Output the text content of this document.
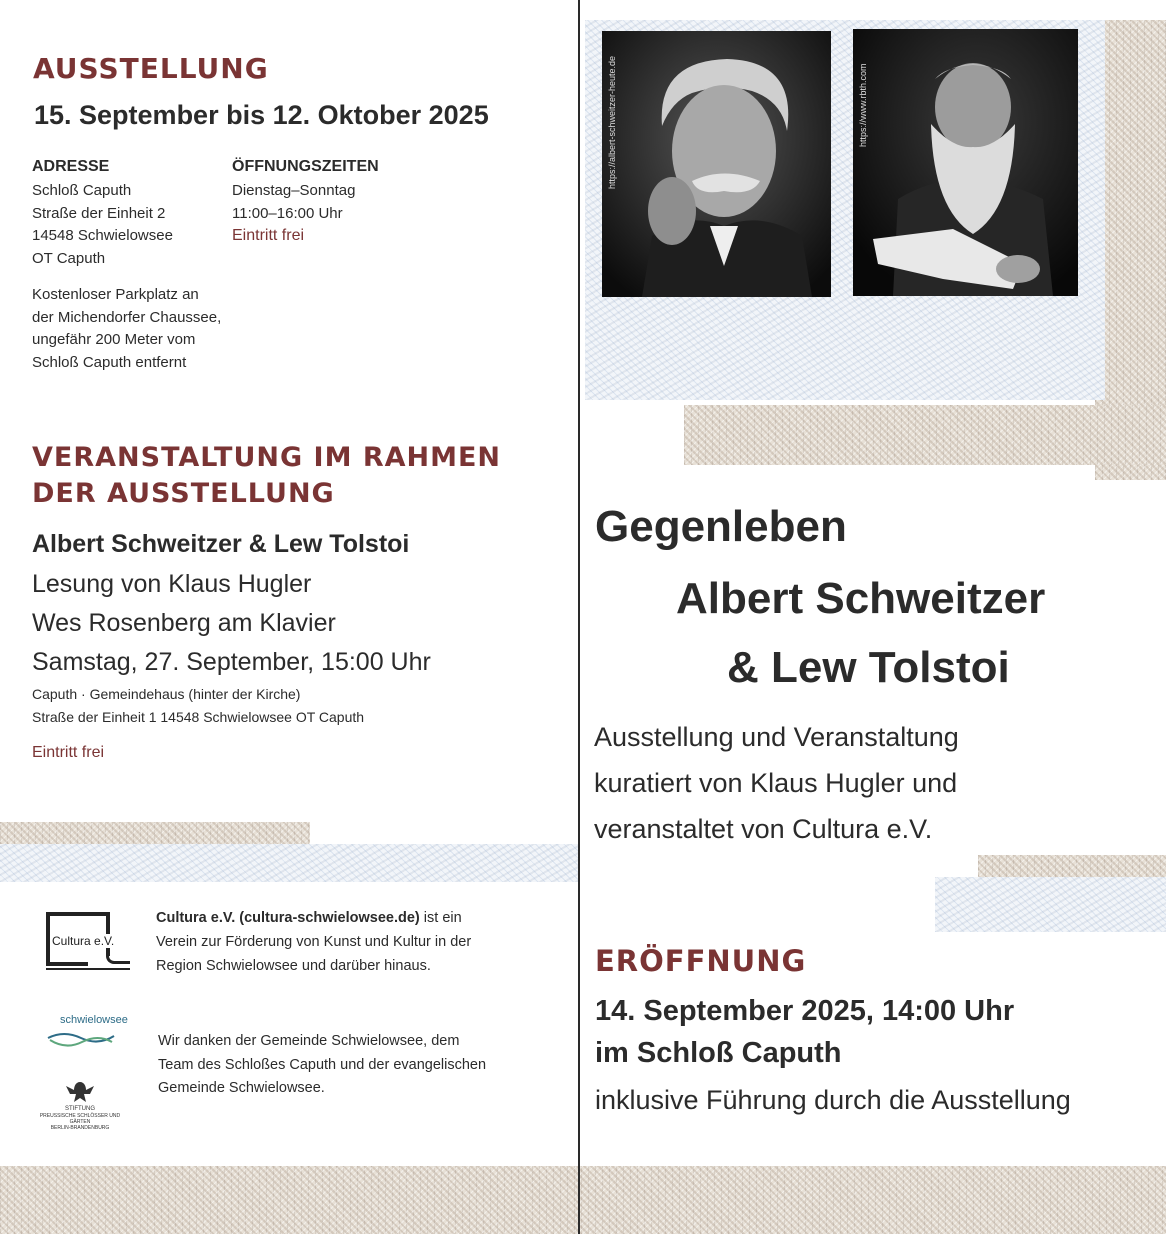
AUSSTELLUNG
15. September bis 12. Oktober 2025
ADRESSE
Schloß Caputh
Straße der Einheit 2
14548 Schwielowsee
OT Caputh
ÖFFNUNGSZEITEN
Dienstag–Sonntag
11:00–16:00 Uhr
Eintritt frei
Kostenloser Parkplatz an
der Michendorfer Chaussee,
ungefähr 200 Meter vom
Schloß Caputh entfernt
VERANSTALTUNG IM RAHMEN
DER AUSSTELLUNG
Albert Schweitzer & Lew Tolstoi
Lesung von Klaus Hugler
Wes Rosenberg am Klavier
Samstag, 27. September, 15:00 Uhr
Caputh · Gemeindehaus (hinter der Kirche)
Straße der Einheit 1 14548 Schwielowsee OT Caputh
Eintritt frei
Cultura e.V.
Cultura e.V. (cultura-schwielowsee.de) ist ein
Verein zur Förderung von Kunst und Kultur in der
Region Schwielowsee und darüber hinaus.
schwielowsee
Wir danken der Gemeinde Schwielowsee, dem
Team des Schloßes Caputh und der evangelischen
Gemeinde Schwielowsee.
STIFTUNG
PREUSSISCHE SCHLÖSSER UND GÄRTEN
BERLIN-BRANDENBURG
https://albert-schweitzer-heute.de	https://www.rbth.com
Gegenleben
Albert Schweitzer
& Lew Tolstoi
Ausstellung und Veranstaltung
kuratiert von Klaus Hugler und
veranstaltet von Cultura e.V.
ERÖFFNUNG
14. September 2025, 14:00 Uhr
im Schloß Caputh
inklusive Führung durch die Ausstellung
